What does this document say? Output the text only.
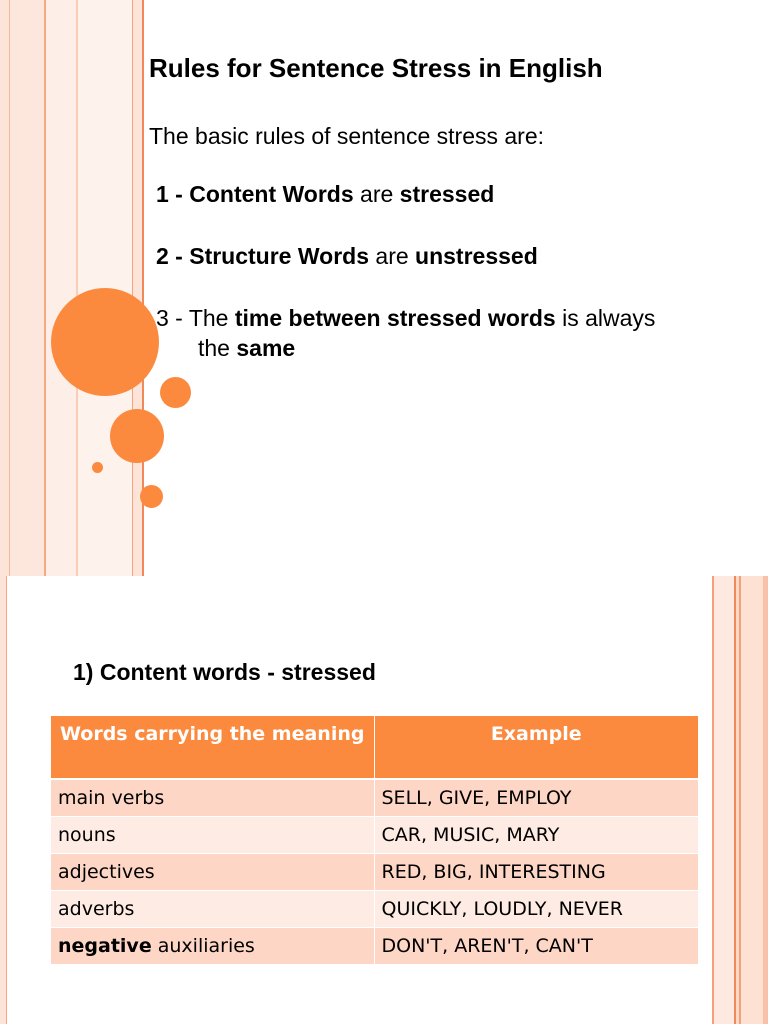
Rules for Sentence Stress in English
The basic rules of sentence stress are:
1 - Content Words are stressed
2 - Structure Words are unstressed
3 - The time between stressed words is always
the same
1) Content words - stressed
Words carrying the meaning	Example
main verbs	SELL, GIVE, EMPLOY
nouns	CAR, MUSIC, MARY
adjectives	RED, BIG, INTERESTING
adverbs	QUICKLY, LOUDLY, NEVER
negative auxiliaries	DON'T, AREN'T, CAN'T
